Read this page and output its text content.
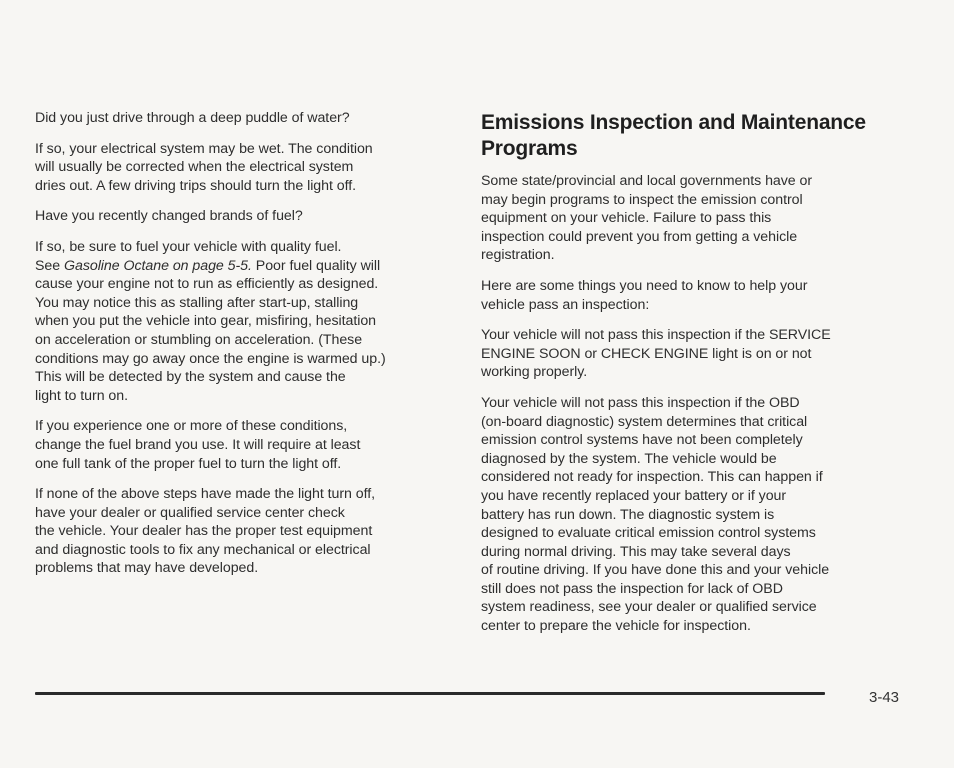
Did you just drive through a deep puddle of water?

If so, your electrical system may be wet. The condition
will usually be corrected when the electrical system
dries out. A few driving trips should turn the light off.

Have you recently changed brands of fuel?

If so, be sure to fuel your vehicle with quality fuel.
See Gasoline Octane on page 5-5. Poor fuel quality will
cause your engine not to run as efficiently as designed.
You may notice this as stalling after start-up, stalling
when you put the vehicle into gear, misfiring, hesitation
on acceleration or stumbling on acceleration. (These
conditions may go away once the engine is warmed up.)
This will be detected by the system and cause the
light to turn on.

If you experience one or more of these conditions,
change the fuel brand you use. It will require at least
one full tank of the proper fuel to turn the light off.

If none of the above steps have made the light turn off,
have your dealer or qualified service center check
the vehicle. Your dealer has the proper test equipment
and diagnostic tools to fix any mechanical or electrical
problems that may have developed.

Emissions Inspection and Maintenance
Programs

Some state/provincial and local governments have or
may begin programs to inspect the emission control
equipment on your vehicle. Failure to pass this
inspection could prevent you from getting a vehicle
registration.

Here are some things you need to know to help your
vehicle pass an inspection:

Your vehicle will not pass this inspection if the SERVICE
ENGINE SOON or CHECK ENGINE light is on or not
working properly.

Your vehicle will not pass this inspection if the OBD
(on-board diagnostic) system determines that critical
emission control systems have not been completely
diagnosed by the system. The vehicle would be
considered not ready for inspection. This can happen if
you have recently replaced your battery or if your
battery has run down. The diagnostic system is
designed to evaluate critical emission control systems
during normal driving. This may take several days
of routine driving. If you have done this and your vehicle
still does not pass the inspection for lack of OBD
system readiness, see your dealer or qualified service
center to prepare the vehicle for inspection.

3-43
